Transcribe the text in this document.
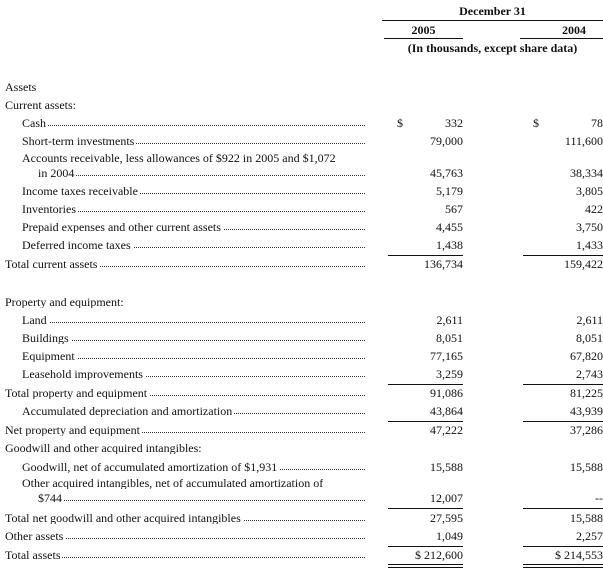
December 31
2005	2004
(In thousands, except share data)
Assets
Current assets:
Cash	$	332	$	78
Short-term investments	79,000	111,600
Accounts receivable, less allowances of $922 in 2005 and $1,072
in 2004	45,763	38,334
Income taxes receivable	5,179	3,805
Inventories	567	422
Prepaid expenses and other current assets	4,455	3,750
Deferred income taxes	1,438	1,433
Total current assets	136,734	159,422
Property and equipment:
Land	2,611	2,611
Buildings	8,051	8,051
Equipment	77,165	67,820
Leasehold improvements	3,259	2,743
Total property and equipment	91,086	81,225
Accumulated depreciation and amortization	43,864	43,939
Net property and equipment	47,222	37,286
Goodwill and other acquired intangibles:
Goodwill, net of accumulated amortization of $1,931	15,588	15,588
Other acquired intangibles, net of accumulated amortization of
$744	12,007	--
Total net goodwill and other acquired intangibles	27,595	15,588
Other assets	1,049	2,257
Total assets	$ 212,600	$ 214,553
